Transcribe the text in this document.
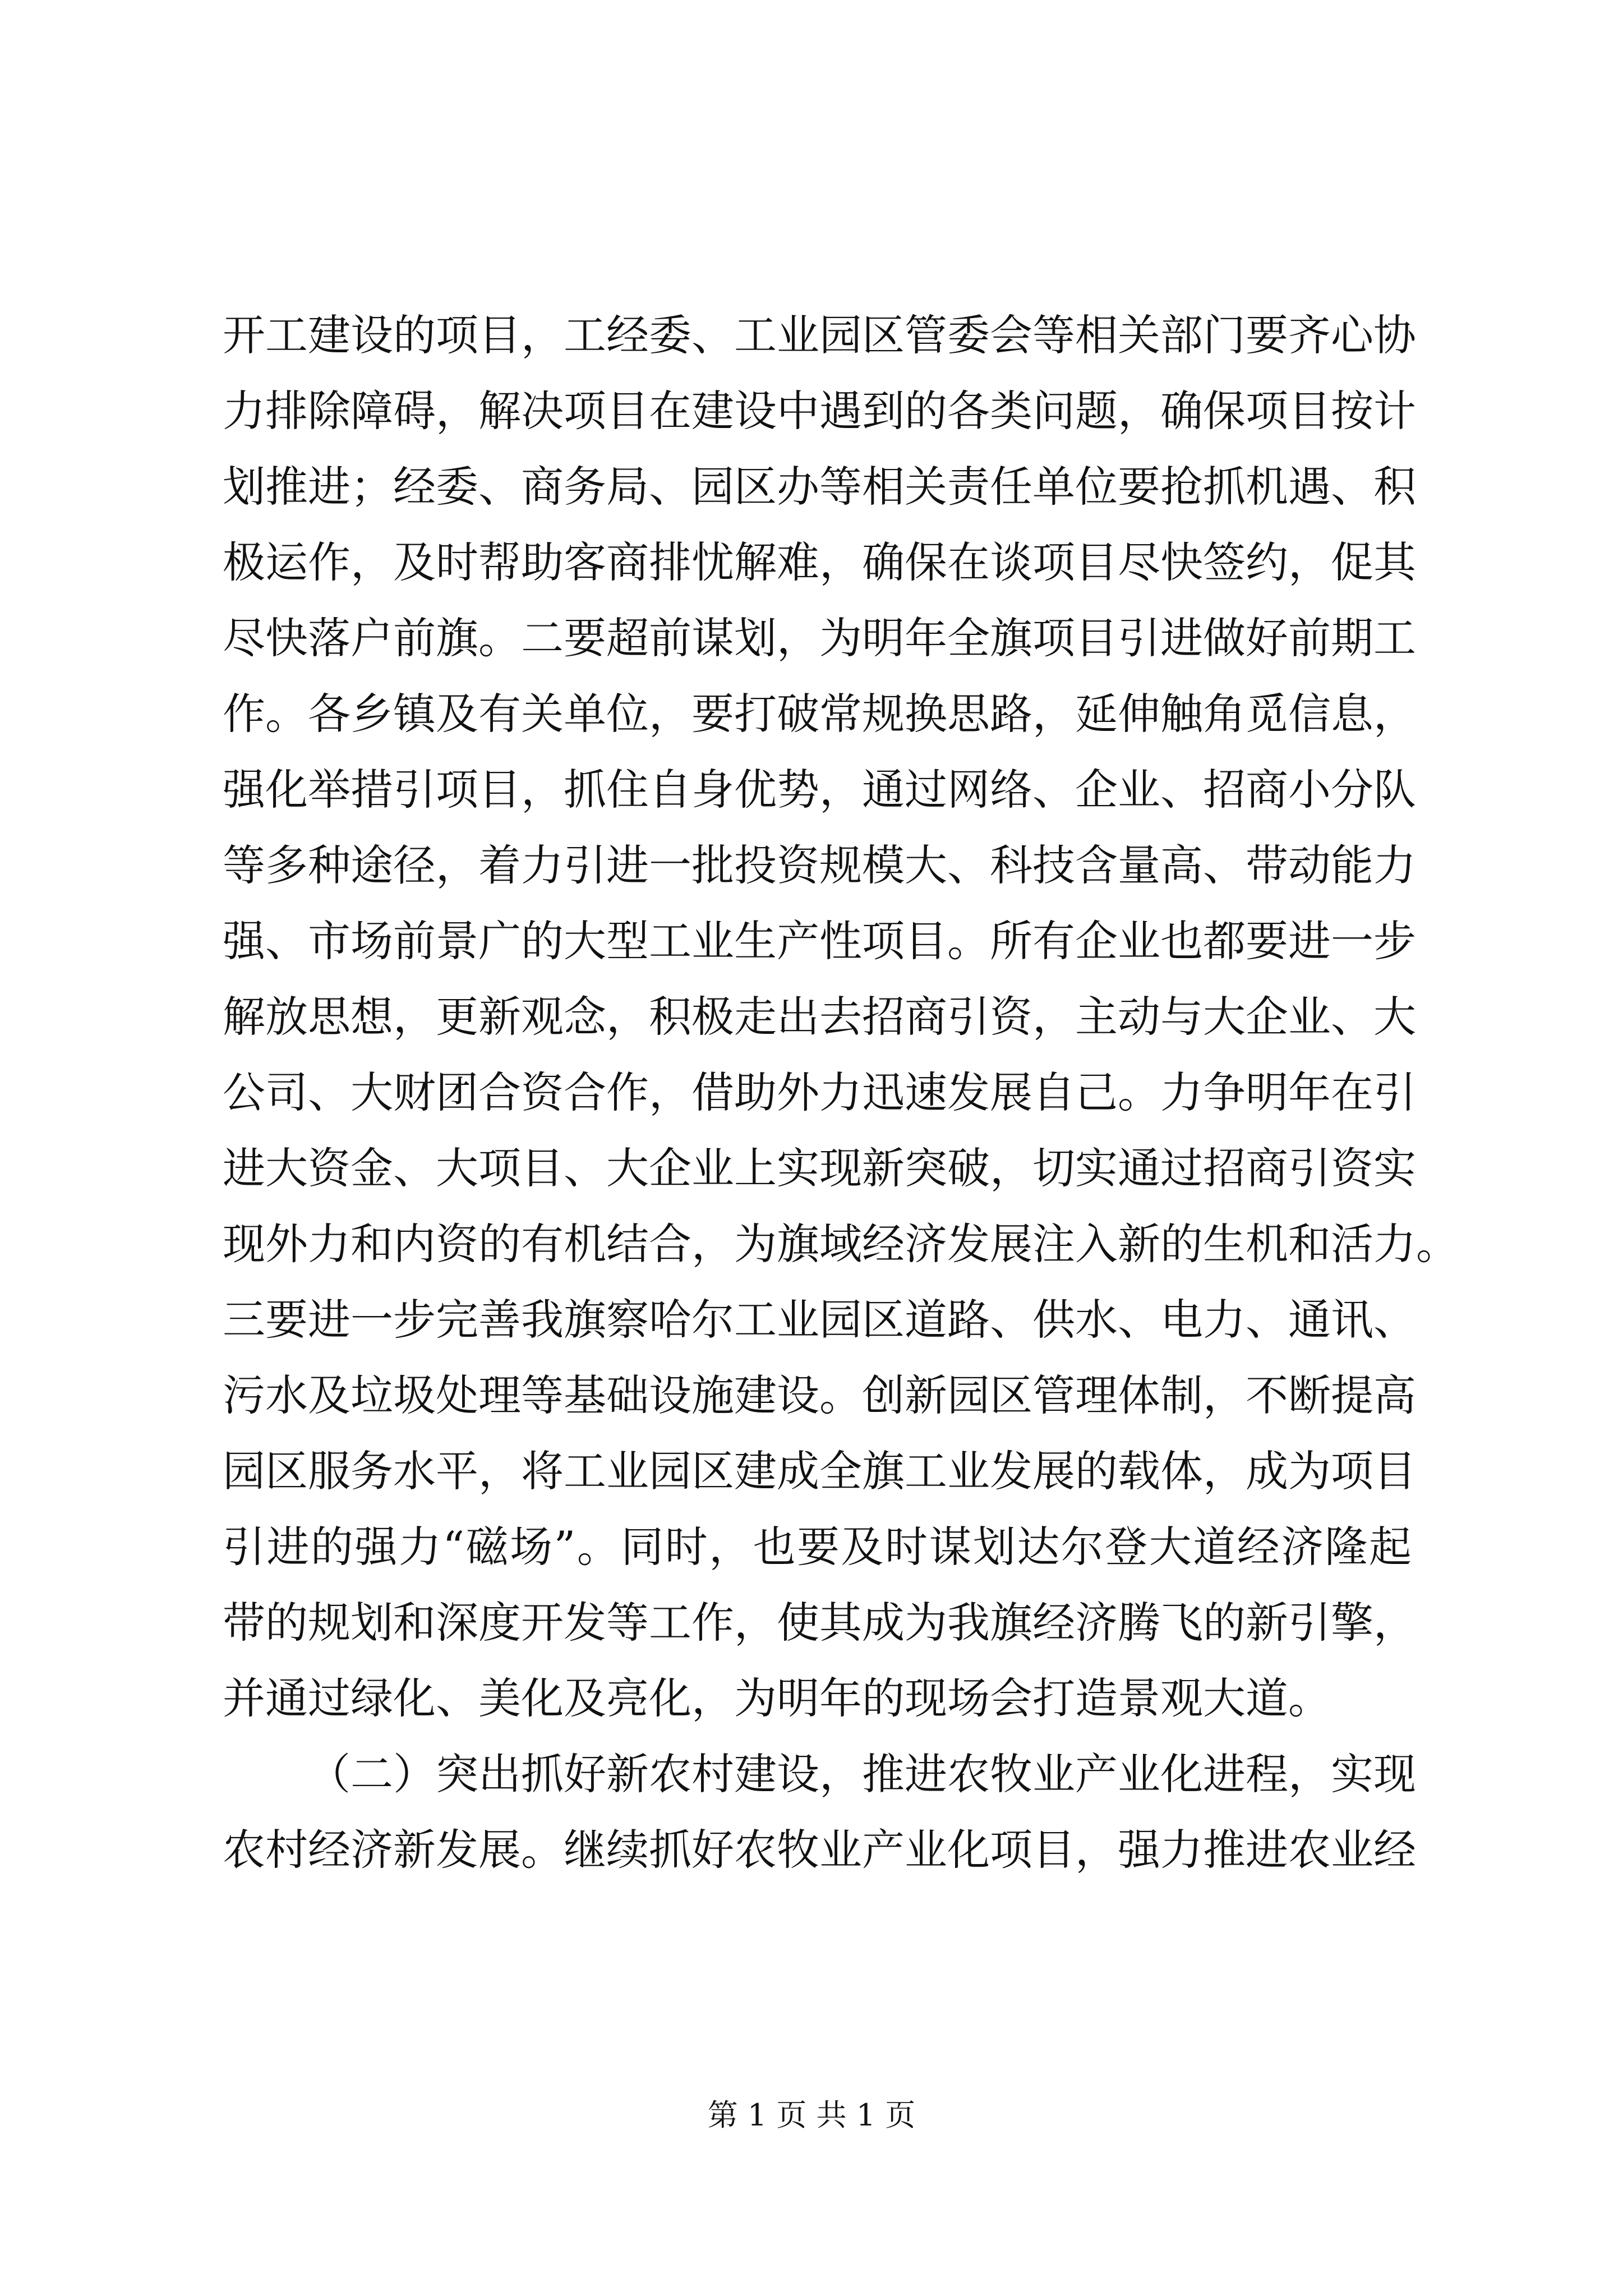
开工建设的项目，工经委、工业园区管委会等相关部门要齐心协
力排除障碍，解决项目在建设中遇到的各类问题，确保项目按计
划推进；经委、商务局、园区办等相关责任单位要抢抓机遇、积
极运作，及时帮助客商排忧解难，确保在谈项目尽快签约，促其
尽快落户前旗。二要超前谋划，为明年全旗项目引进做好前期工
作。各乡镇及有关单位，要打破常规换思路，延伸触角觅信息，
强化举措引项目，抓住自身优势，通过网络、企业、招商小分队
等多种途径，着力引进一批投资规模大、科技含量高、带动能力
强、市场前景广的大型工业生产性项目。所有企业也都要进一步
解放思想，更新观念，积极走出去招商引资，主动与大企业、大
公司、大财团合资合作，借助外力迅速发展自己。力争明年在引
进大资金、大项目、大企业上实现新突破，切实通过招商引资实
现外力和内资的有机结合，为旗域经济发展注入新的生机和活力。
三要进一步完善我旗察哈尔工业园区道路、供水、电力、通讯、
污水及垃圾处理等基础设施建设。创新园区管理体制，不断提高
园区服务水平，将工业园区建成全旗工业发展的载体，成为项目
引进的强力“磁场”。同时，也要及时谋划达尔登大道经济隆起
带的规划和深度开发等工作，使其成为我旗经济腾飞的新引擎，
并通过绿化、美化及亮化，为明年的现场会打造景观大道。
（二）突出抓好新农村建设，推进农牧业产业化进程，实现
农村经济新发展。继续抓好农牧业产业化项目，强力推进农业经
第 1 页 共 1 页
